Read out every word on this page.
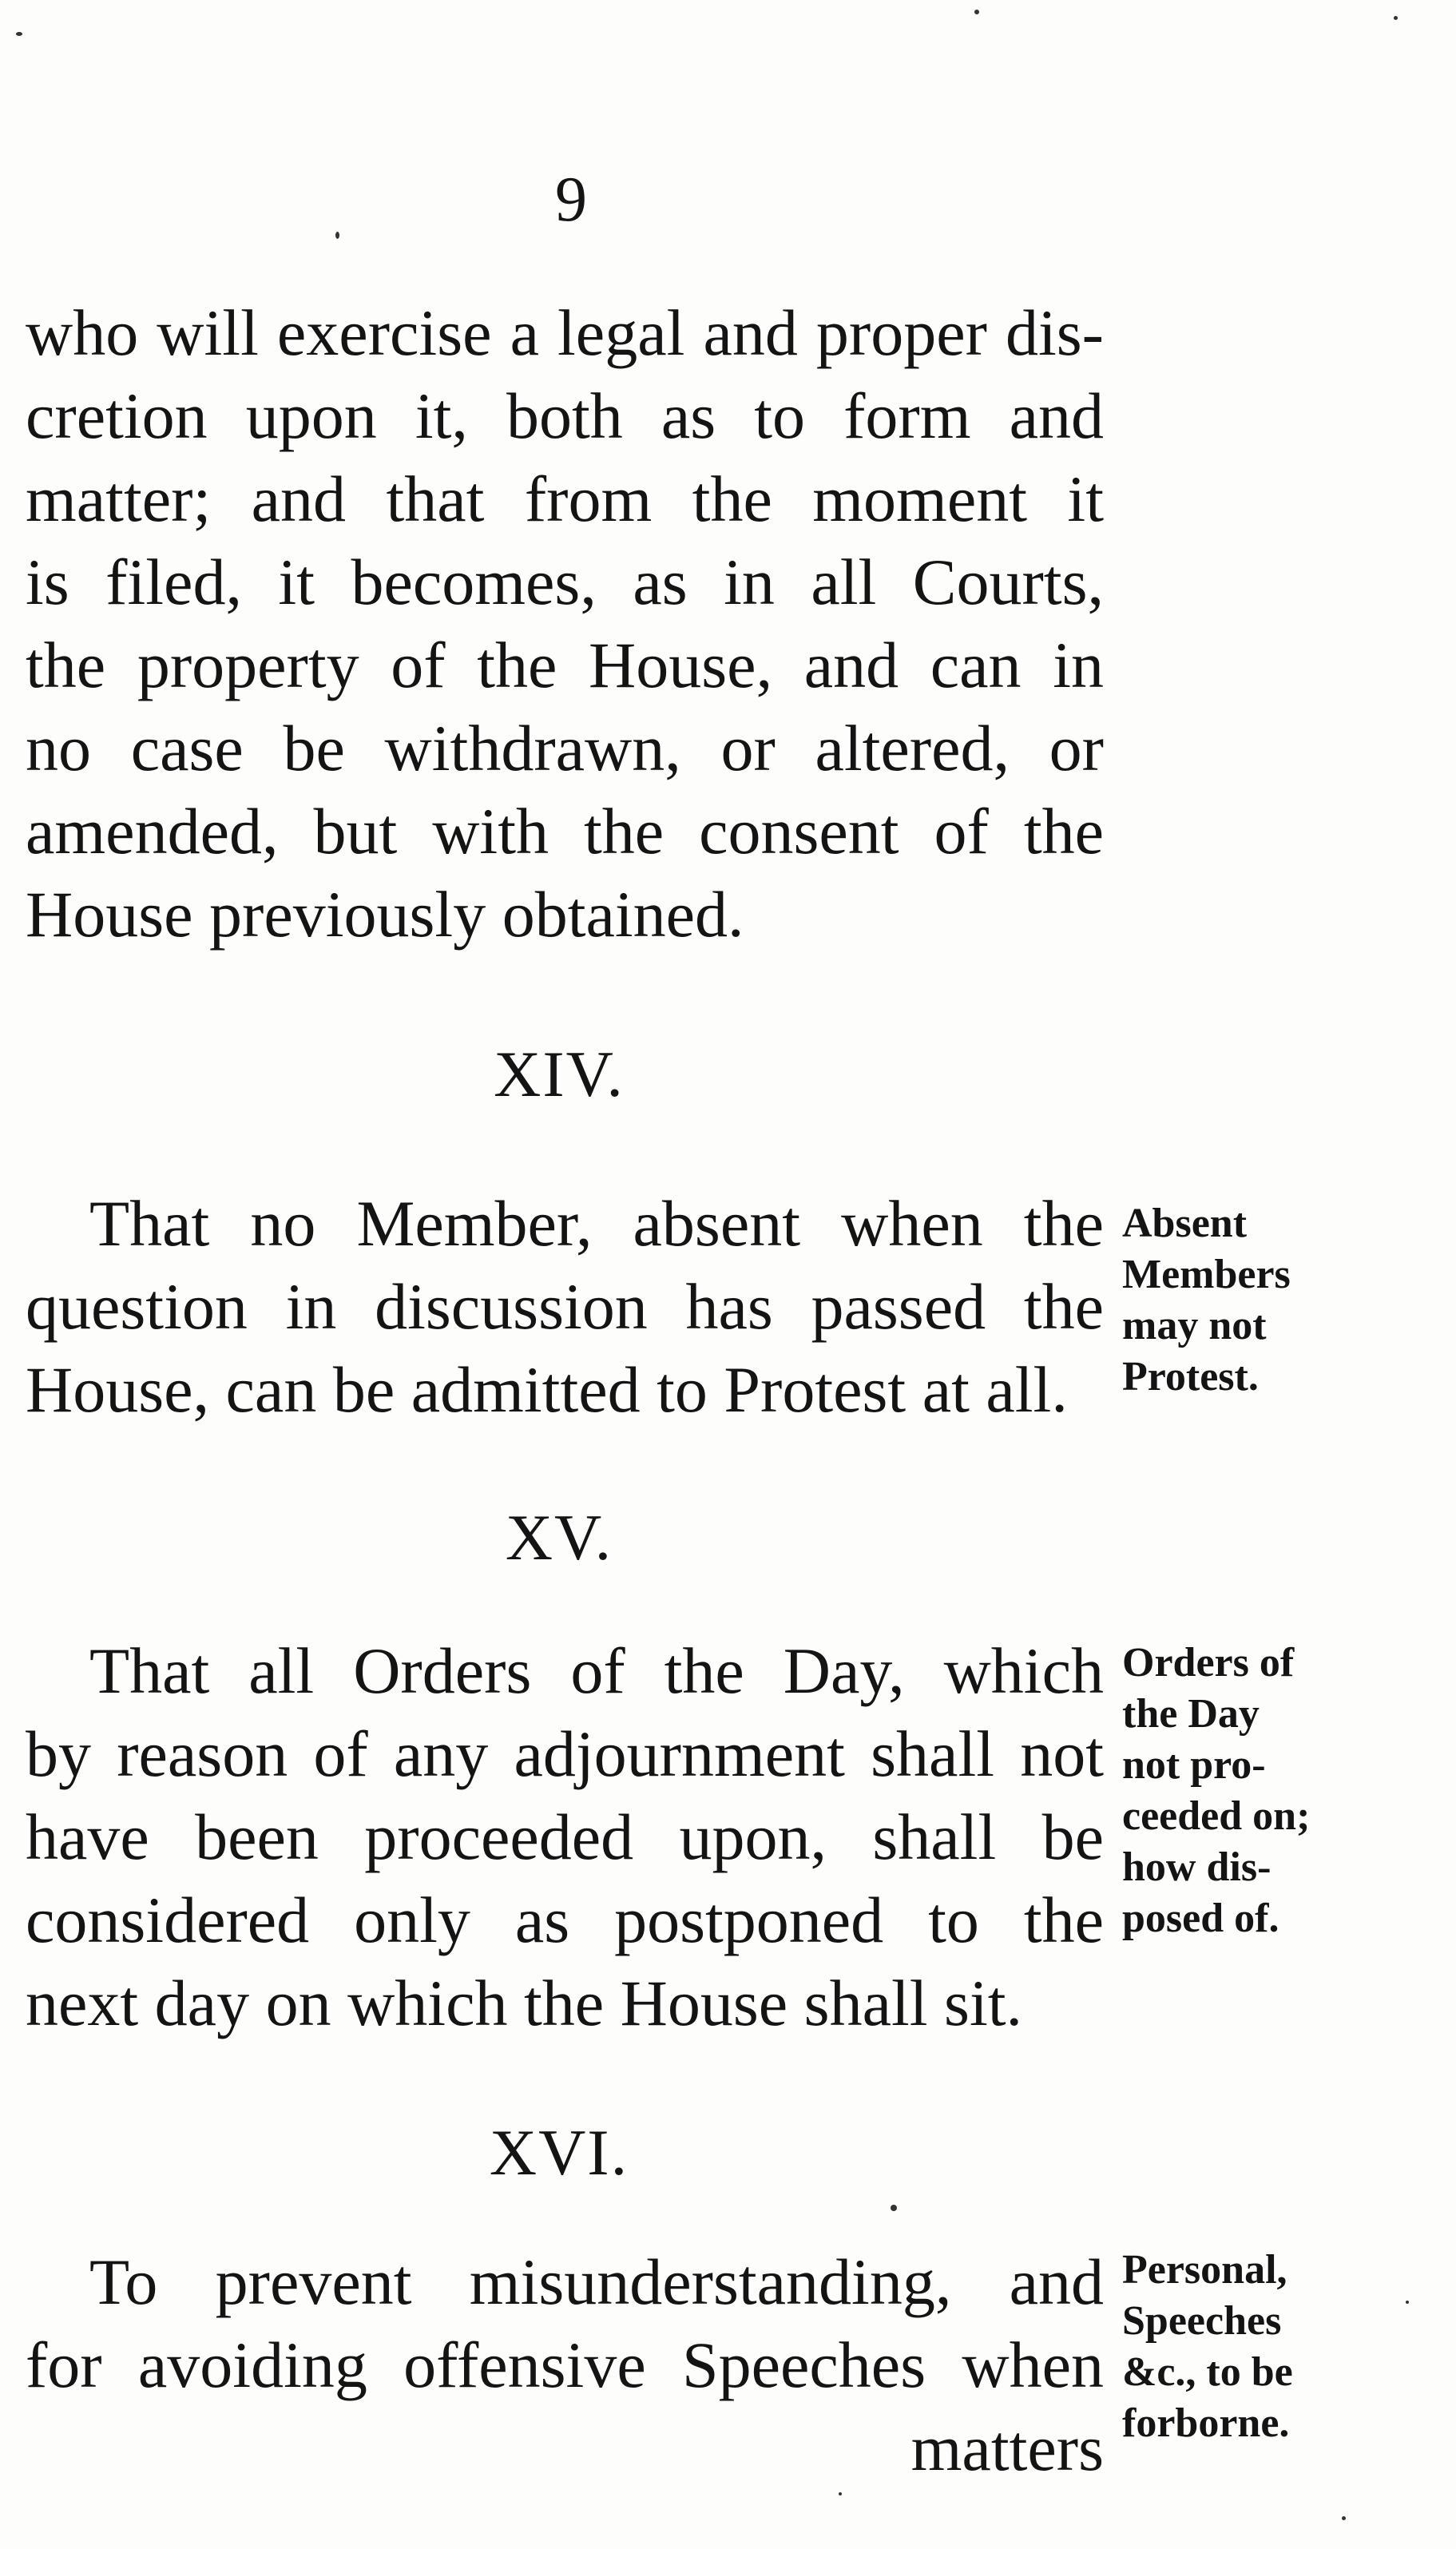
9
who will exercise a legal and proper dis-
cretion upon it, both as to form and
matter; and that from the moment it
is filed, it becomes, as in all Courts,
the property of the House, and can in
no case be withdrawn, or altered, or
amended, but with the consent of the
House previously obtained.
XIV.
That no Member, absent when the
question in discussion has passed the
House, can be admitted to Protest at all.
Absent
Members
may not
Protest.
XV.
That all Orders of the Day, which
by reason of any adjournment shall not
have been proceeded upon, shall be
considered only as postponed to the
next day on which the House shall sit.
Orders of
the Day
not pro-
ceeded on;
how dis-
posed of.
XVI.
To prevent misunderstanding, and
for avoiding offensive Speeches when
matters
Personal,
Speeches
&c., to be
forborne.
